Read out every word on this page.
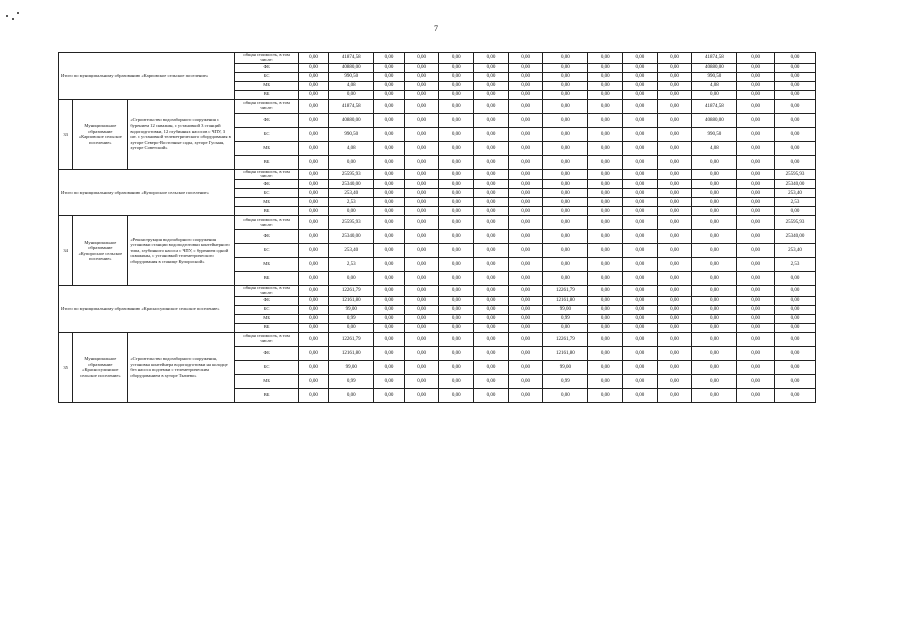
7
Итого по муниципальному образованию «Карповское сельское поселение»			общая стоимость, в том числе:	0,00	41874,58	0,00	0,00	0,00	0,00	0,00	0,00	0,00	0,00	0,00	41874,58	0,00	0,00
			ФБ	0,00	40880,00	0,00	0,00	0,00	0,00	0,00	0,00	0,00	0,00	0,00	40880,00	0,00	0,00
			БС	0,00	990,50	0,00	0,00	0,00	0,00	0,00	0,00	0,00	0,00	0,00	990,50	0,00	0,00
			МБ	0,00	4,08	0,00	0,00	0,00	0,00	0,00	0,00	0,00	0,00	0,00	4,08	0,00	0,00
			ВБ	0,00	0,00	0,00	0,00	0,00	0,00	0,00	0,00	0,00	0,00	0,00	0,00	0,00	0,00
33	Муниципальное образование «Карповское сельское поселение»	«Строительство водозаборного сооружения с бурением 12 скважин, с установкой 3 станций водоподготовки, 12 глубинных насосов с ЧПУ, 3 шт. с установкой телеметрического оборудования в хуторе Северо-Восточные сады, хуторе Гусыня, хуторе Советский»	общая стоимость, в том числе:	0,00	41874,58	0,00	0,00	0,00	0,00	0,00	0,00	0,00	0,00	0,00	41874,58	0,00	0,00
			ФБ	0,00	40880,00	0,00	0,00	0,00	0,00	0,00	0,00	0,00	0,00	0,00	40880,00	0,00	0,00
			БС	0,00	990,50	0,00	0,00	0,00	0,00	0,00	0,00	0,00	0,00	0,00	990,50	0,00	0,00
			МБ	0,00	4,08	0,00	0,00	0,00	0,00	0,00	0,00	0,00	0,00	0,00	4,08	0,00	0,00
			ВБ	0,00	0,00	0,00	0,00	0,00	0,00	0,00	0,00	0,00	0,00	0,00	0,00	0,00	0,00
Итого по муниципальному образованию «Купоросное сельское поселение»			общая стоимость, в том числе:	0,00	25595,93	0,00	0,00	0,00	0,00	0,00	0,00	0,00	0,00	0,00	0,00	0,00	25595,93
			ФБ	0,00	25340,00	0,00	0,00	0,00	0,00	0,00	0,00	0,00	0,00	0,00	0,00	0,00	25340,00
			БС	0,00	253,40	0,00	0,00	0,00	0,00	0,00	0,00	0,00	0,00	0,00	0,00	0,00	253,40
			МБ	0,00	2,53	0,00	0,00	0,00	0,00	0,00	0,00	0,00	0,00	0,00	0,00	0,00	2,53
			ВБ	0,00	0,00	0,00	0,00	0,00	0,00	0,00	0,00	0,00	0,00	0,00	0,00	0,00	0,00
34	Муниципальное образование «Купоросное сельское поселение»	«Реконструкция водозаборного сооружения установки станции водоподготовки контейнерного типа, глубинного насоса с ЧПУ, с бурением одной скважины, с установкой телеметрического оборудования в станице Купоросной»	общая стоимость, в том числе:	0,00	25595,93	0,00	0,00	0,00	0,00	0,00	0,00	0,00	0,00	0,00	0,00	0,00	25595,93
			ФБ	0,00	25340,00	0,00	0,00	0,00	0,00	0,00	0,00	0,00	0,00	0,00	0,00	0,00	25340,00
			БС	0,00	253,40	0,00	0,00	0,00	0,00	0,00	0,00	0,00	0,00	0,00	0,00	0,00	253,40
			МБ	0,00	2,53	0,00	0,00	0,00	0,00	0,00	0,00	0,00	0,00	0,00	0,00	0,00	2,53
			ВБ	0,00	0,00	0,00	0,00	0,00	0,00	0,00	0,00	0,00	0,00	0,00	0,00	0,00	0,00
Итого по муниципальному образованию «Красносулинское сельское поселение»			общая стоимость, в том числе:	0,00	12261,79	0,00	0,00	0,00	0,00	0,00	12261,79	0,00	0,00	0,00	0,00	0,00	0,00
			ФБ	0,00	12161,80	0,00	0,00	0,00	0,00	0,00	12161,80	0,00	0,00	0,00	0,00	0,00	0,00
			БС	0,00	99,00	0,00	0,00	0,00	0,00	0,00	99,00	0,00	0,00	0,00	0,00	0,00	0,00
			МБ	0,00	0,99	0,00	0,00	0,00	0,00	0,00	0,99	0,00	0,00	0,00	0,00	0,00	0,00
			ВБ	0,00	0,00	0,00	0,00	0,00	0,00	0,00	0,00	0,00	0,00	0,00	0,00	0,00	0,00
35	Муниципальное образование «Красносулинское сельское поселение»	«Строительство водозаборного сооружения, установка контейнера водоподготовки на колодце без насоса подземки с телеметрическим оборудованием в хуторе Ткачево»	общая стоимость, в том числе:	0,00	12261,79	0,00	0,00	0,00	0,00	0,00	12261,79	0,00	0,00	0,00	0,00	0,00	0,00
			ФБ	0,00	12161,80	0,00	0,00	0,00	0,00	0,00	12161,80	0,00	0,00	0,00	0,00	0,00	0,00
			БС	0,00	99,00	0,00	0,00	0,00	0,00	0,00	99,00	0,00	0,00	0,00	0,00	0,00	0,00
			МБ	0,00	0,99	0,00	0,00	0,00	0,00	0,00	0,99	0,00	0,00	0,00	0,00	0,00	0,00
			ВБ	0,00	0,00	0,00	0,00	0,00	0,00	0,00	0,00	0,00	0,00	0,00	0,00	0,00	0,00
